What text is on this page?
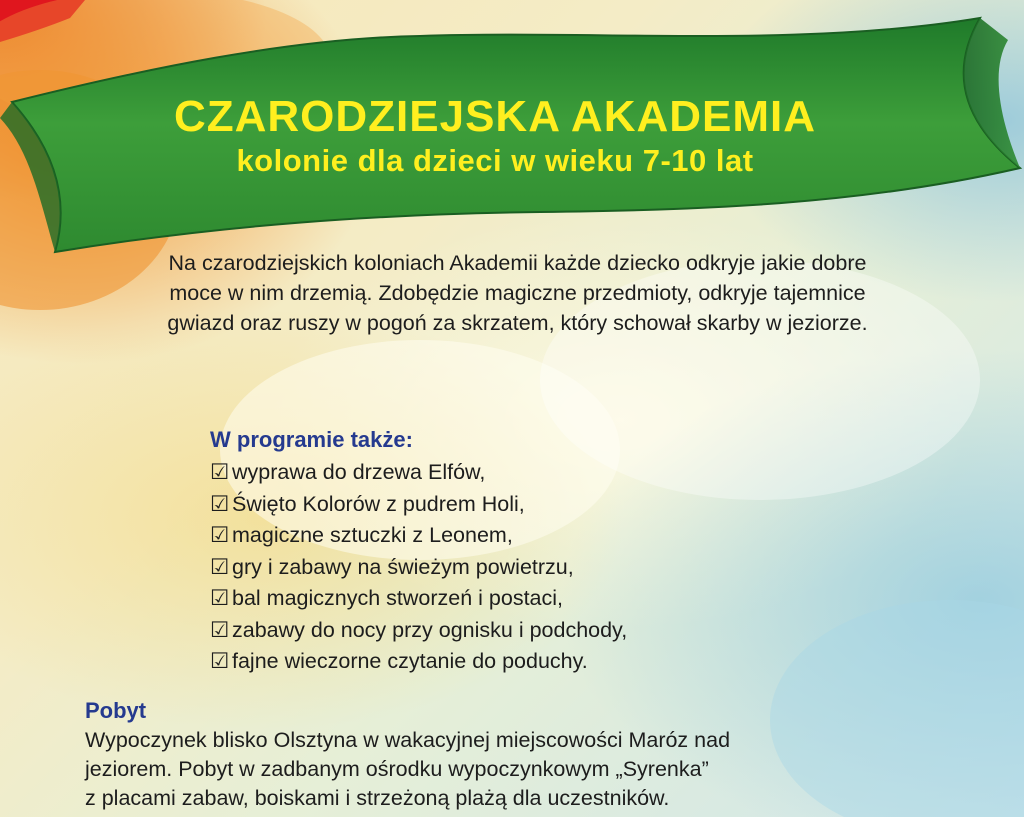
CZARODZIEJSKA AKADEMIA
kolonie dla dzieci w wieku 7-10 lat
Na czarodziejskich koloniach Akademii każde dziecko odkryje jakie dobre
moce w nim drzemią. Zdobędzie magiczne przedmioty, odkryje tajemnice
gwiazd oraz ruszy w pogoń za skrzatem, który schował skarby w jeziorze.
W programie także:
☑ wyprawa do drzewa Elfów,
☑ Święto Kolorów z pudrem Holi,
☑ magiczne sztuczki z Leonem,
☑ gry i zabawy na świeżym powietrzu,
☑ bal magicznych stworzeń i postaci,
☑ zabawy do nocy przy ognisku i podchody,
☑ fajne wieczorne czytanie do poduchy.
Pobyt
Wypoczynek blisko Olsztyna w wakacyjnej miejscowości Maróz nad
jeziorem. Pobyt w zadbanym ośrodku wypoczynkowym „Syrenka”
z placami zabaw, boiskami i strzeżoną plażą dla uczestników.
